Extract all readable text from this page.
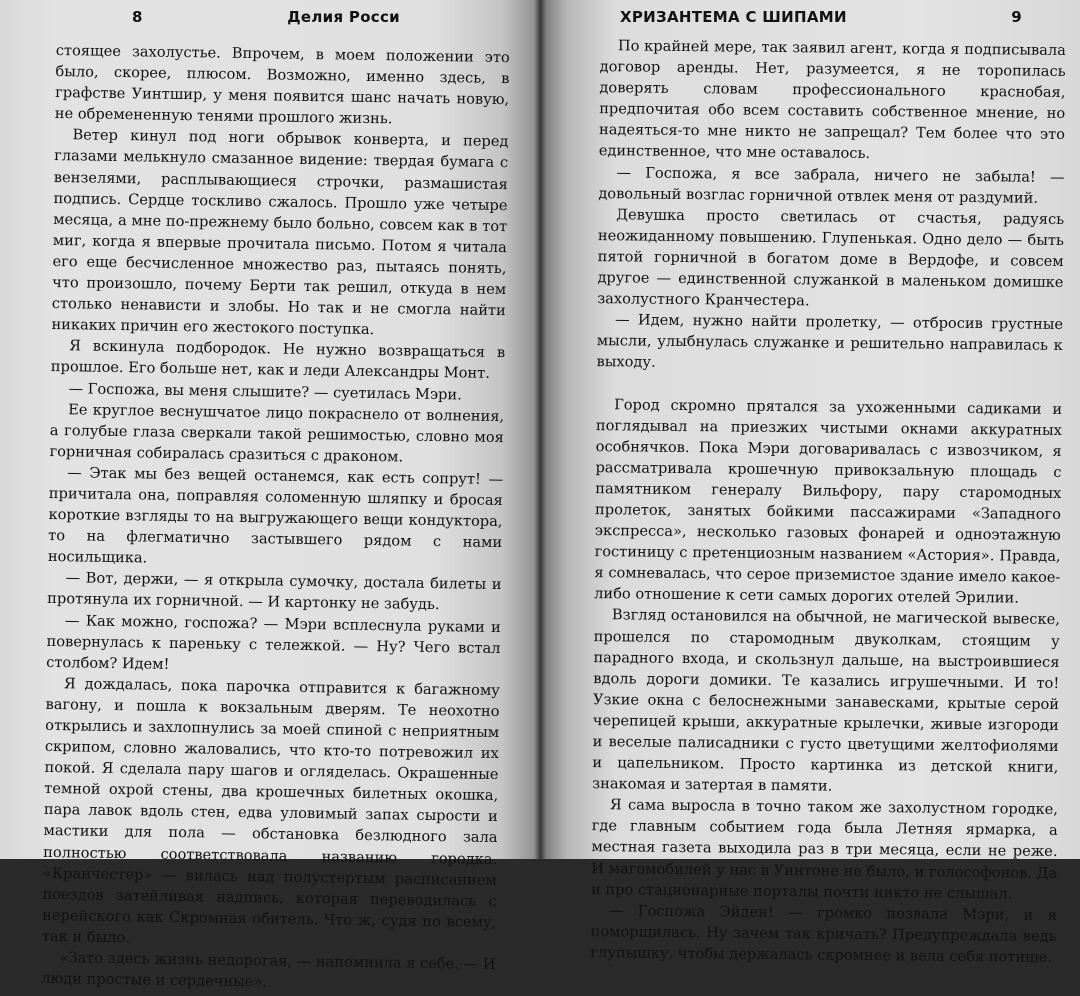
8	Делия Росси

стоящее захолустье. Впрочем, в моем положении это было, скорее, плюсом. Возможно, именно здесь, в графстве Уинтшир, у меня появится шанс начать новую, не обремененную тенями прошлого жизнь.

Ветер кинул под ноги обрывок конверта, и перед глазами мелькнуло смазанное видение: твердая бумага с вензелями, расплывающиеся строчки, размашистая подпись. Сердце тоскливо сжалось. Прошло уже четыре месяца, а мне по-прежнему было больно, совсем как в тот миг, когда я впервые прочитала письмо. Потом я читала его еще бесчисленное множество раз, пытаясь понять, что произошло, почему Берти так решил, откуда в нем столько ненависти и злобы. Но так и не смогла найти никаких причин его жестокого поступка.

Я вскинула подбородок. Не нужно возвращаться в прошлое. Его больше нет, как и леди Александры Монт.

— Госпожа, вы меня слышите? — суетилась Мэри.

Ее круглое веснушчатое лицо покраснело от волнения, а голубые глаза сверкали такой решимостью, словно моя горничная собиралась сразиться с драконом.

— Этак мы без вещей останемся, как есть сопрут! — причитала она, поправляя соломенную шляпку и бросая короткие взгляды то на выгружающего вещи кондуктора, то на флегматично застывшего рядом с нами носильщика.

— Вот, держи, — я открыла сумочку, достала билеты и протянула их горничной. — И картонку не забудь.

— Как можно, госпожа? — Мэри всплеснула руками и повернулась к пареньку с тележкой. — Ну? Чего встал столбом? Идем!

Я дождалась, пока парочка отправится к багажному вагону, и пошла к вокзальным дверям. Те неохотно открылись и захлопнулись за моей спиной с неприятным скрипом, словно жаловались, что кто-то потревожил их покой. Я сделала пару шагов и огляделась. Окрашенные темной охрой стены, два крошечных билетных окошка, пара лавок вдоль стен, едва уловимый запах сырости и мастики для пола — обстановка безлюдного зала полностью соответствовала названию городка. «Кранчестер» — вилась над полустертым расписанием поездов затейливая надпись, которая переводилась с нерейского как Скромная обитель. Что ж, судя по всему, так и было.

«Зато здесь жизнь недорогая, — напомнила я себе. — И люди простые и сердечные».

ХРИЗАНТЕМА С ШИПАМИ	9

По крайней мере, так заявил агент, когда я подписывала договор аренды. Нет, разумеется, я не торопилась доверять словам профессионального краснобая, предпочитая обо всем составить собственное мнение, но надеяться-то мне никто не запрещал? Тем более что это единственное, что мне оставалось.

— Госпожа, я все забрала, ничего не забыла! — довольный возглас горничной отвлек меня от раздумий.

Девушка просто светилась от счастья, радуясь неожиданному повышению. Глупенькая. Одно дело — быть пятой горничной в богатом доме в Вердофе, и совсем другое — единственной служанкой в маленьком домишке захолустного Кранчестера.

— Идем, нужно найти пролетку, — отбросив грустные мысли, улыбнулась служанке и решительно направилась к выходу.

Город скромно прятался за ухоженными садиками и поглядывал на приезжих чистыми окнами аккуратных особнячков. Пока Мэри договаривалась с извозчиком, я рассматривала крошечную привокзальную площадь с памятником генералу Вильфору, пару старомодных пролеток, занятых бойкими пассажирами «Западного экспресса», несколько газовых фонарей и одноэтажную гостиницу с претенциозным названием «Астория». Правда, я сомневалась, что серое приземистое здание имело какое-либо отношение к сети самых дорогих отелей Эрилии.

Взгляд остановился на обычной, не магической вывеске, прошелся по старомодным двуколкам, стоящим у парадного входа, и скользнул дальше, на выстроившиеся вдоль дороги домики. Те казались игрушечными. И то! Узкие окна с белоснежными занавесками, крытые серой черепицей крыши, аккуратные крылечки, живые изгороди и веселые палисадники с густо цветущими желтофиолями и цапельником. Просто картинка из детской книги, знакомая и затертая в памяти.

Я сама выросла в точно таком же захолустном городке, где главным событием года была Летняя ярмарка, а местная газета выходила раз в три месяца, если не реже. И магомобилей у нас в Уинтоне не было, и голософонов. Да и про стационарные порталы почти никто не слышал.

— Госпожа Эйден! — громко позвала Мэри, и я поморщилась. Ну зачем так кричать? Предупреждала ведь глупышку, чтобы держалась скромнее и вела себя потише.
